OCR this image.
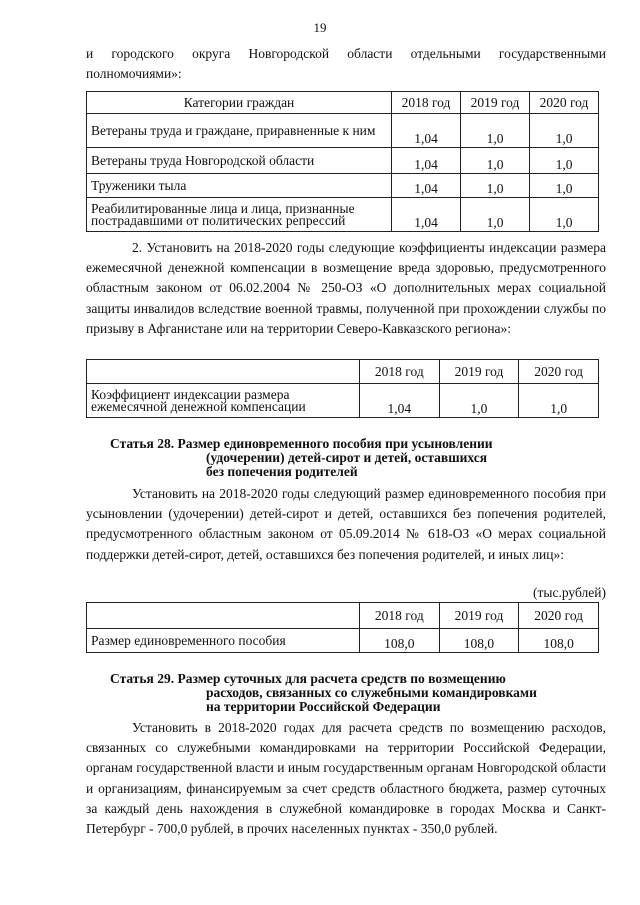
19
и городского округа Новгородской области отдельными государственными полномочиями»:
Категории граждан	2018 год	2019 год	2020 год
Ветераны труда и граждане, приравненные к ним	1,04	1,0	1,0
Ветераны труда Новгородской области	1,04	1,0	1,0
Труженики тыла	1,04	1,0	1,0
Реабилитированные лица и лица, признанные пострадавшими от политических репрессий	1,04	1,0	1,0
2. Установить на 2018-2020 годы следующие коэффициенты индексации размера ежемесячной денежной компенсации в возмещение вреда здоровью, предусмотренного областным законом от 06.02.2004 № 250-ОЗ «О дополнительных мерах социальной защиты инвалидов вследствие военной травмы, полученной при прохождении службы по призыву в Афганистане или на территории Северо-Кавказского региона»:
	2018 год	2019 год	2020 год
Коэффициент индексации размера ежемесячной денежной компенсации	1,04	1,0	1,0
Статья 28. Размер единовременного пособия при усыновлении
(удочерении) детей-сирот и детей, оставшихся
без попечения родителей
Установить на 2018-2020 годы следующий размер единовременного пособия при усыновлении (удочерении) детей-сирот и детей, оставшихся без попечения родителей, предусмотренного областным законом от 05.09.2014 № 618-ОЗ «О мерах социальной поддержки детей-сирот, детей, оставшихся без попечения родителей, и иных лиц»:
(тыс.рублей)
	2018 год	2019 год	2020 год
Размер единовременного пособия	108,0	108,0	108,0
Статья 29. Размер суточных для расчета средств по возмещению
расходов, связанных со служебными командировками
на территории Российской Федерации
Установить в 2018-2020 годах для расчета средств по возмещению расходов, связанных со служебными командировками на территории Российской Федерации, органам государственной власти и иным государственным органам Новгородской области и организациям, финансируемым за счет средств областного бюджета, размер суточных за каждый день нахождения в служебной командировке в городах Москва и Санкт-Петербург - 700,0 рублей, в прочих населенных пунктах - 350,0 рублей.
